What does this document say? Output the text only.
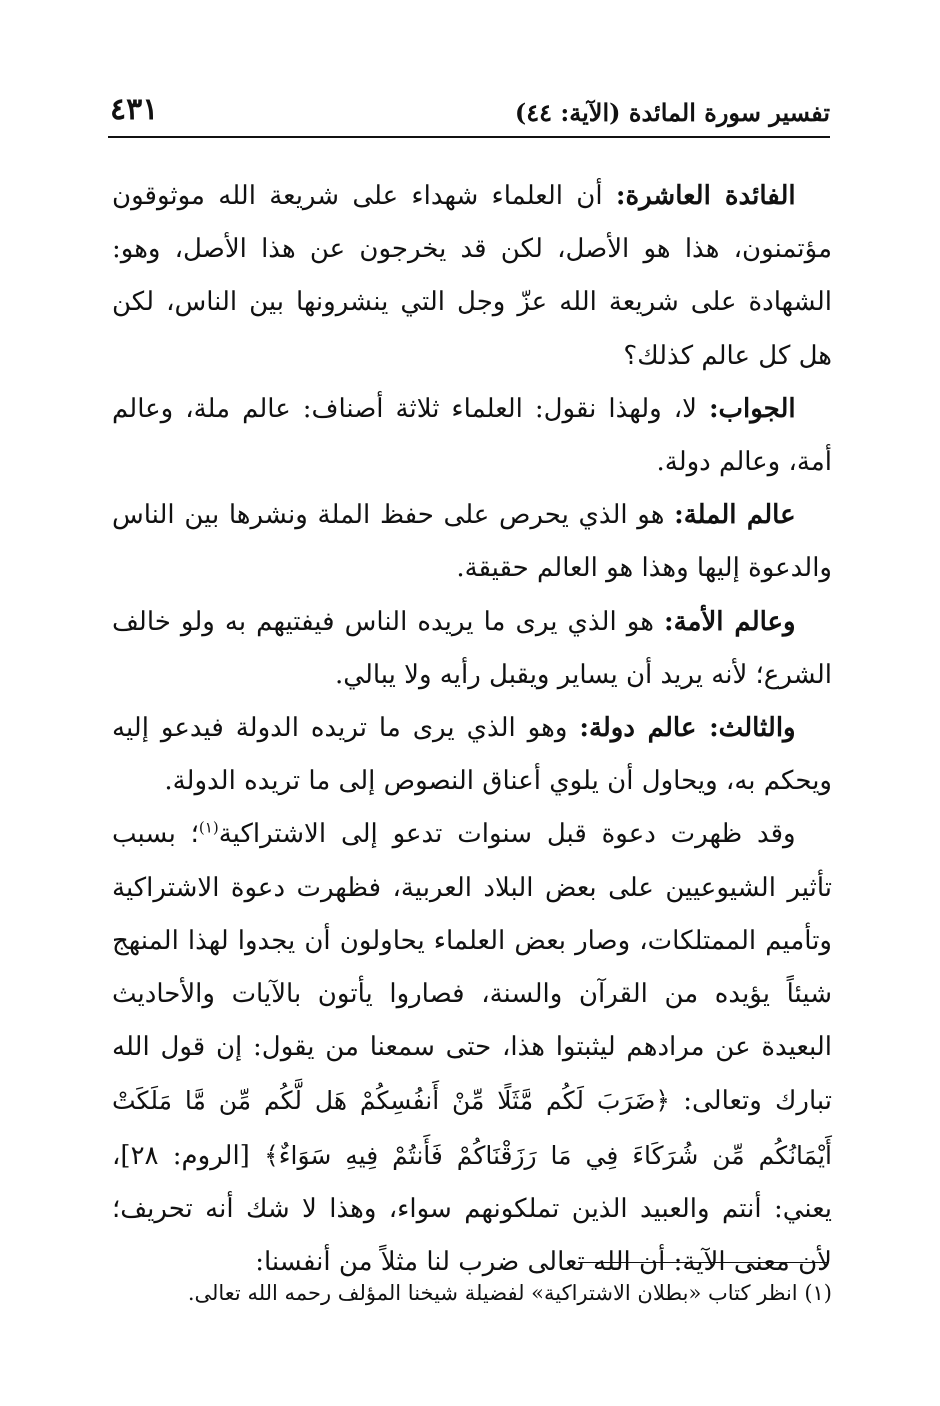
تفسير سورة المائدة (الآية: ٤٤)
٤٣١

الفائدة العاشرة: أن العلماء شهداء على شريعة الله موثوقون مؤتمنون، هذا هو الأصل، لكن قد يخرجون عن هذا الأصل، وهو: الشهادة على شريعة الله عزّ وجل التي ينشرونها بين الناس، لكن هل كل عالم كذلك؟

الجواب: لا، ولهذا نقول: العلماء ثلاثة أصناف: عالم ملة، وعالم أمة، وعالم دولة.

عالم الملة: هو الذي يحرص على حفظ الملة ونشرها بين الناس والدعوة إليها وهذا هو العالم حقيقة.

وعالم الأمة: هو الذي يرى ما يريده الناس فيفتيهم به ولو خالف الشرع؛ لأنه يريد أن يساير ويقبل رأيه ولا يبالي.

والثالث: عالم دولة: وهو الذي يرى ما تريده الدولة فيدعو إليه ويحكم به، ويحاول أن يلوي أعناق النصوص إلى ما تريده الدولة.

وقد ظهرت دعوة قبل سنوات تدعو إلى الاشتراكية$^{(١)}$؛ بسبب تأثير الشيوعيين على بعض البلاد العربية، فظهرت دعوة الاشتراكية وتأميم الممتلكات، وصار بعض العلماء يحاولون أن يجدوا لهذا المنهج شيئاً يؤيده من القرآن والسنة، فصاروا يأتون بالآيات والأحاديث البعيدة عن مرادهم ليثبتوا هذا، حتى سمعنا من يقول: إن قول الله تبارك وتعالى: ﴿ضَرَبَ لَكُم مَّثَلًا مِّنْ أَنفُسِكُمْ هَل لَّكُم مِّن مَّا مَلَكَتْ أَيْمَانُكُم مِّن شُرَكَاءَ فِي مَا رَزَقْنَاكُمْ فَأَنتُمْ فِيهِ سَوَاءٌ﴾ [الروم: ٢٨]، يعني: أنتم والعبيد الذين تملكونهم سواء، وهذا لا شك أنه تحريف؛ لأن معنى الآية: أن الله تعالى ضرب لنا مثلاً من أنفسنا:

(١) انظر كتاب «بطلان الاشتراكية» لفضيلة شيخنا المؤلف رحمه الله تعالى.
